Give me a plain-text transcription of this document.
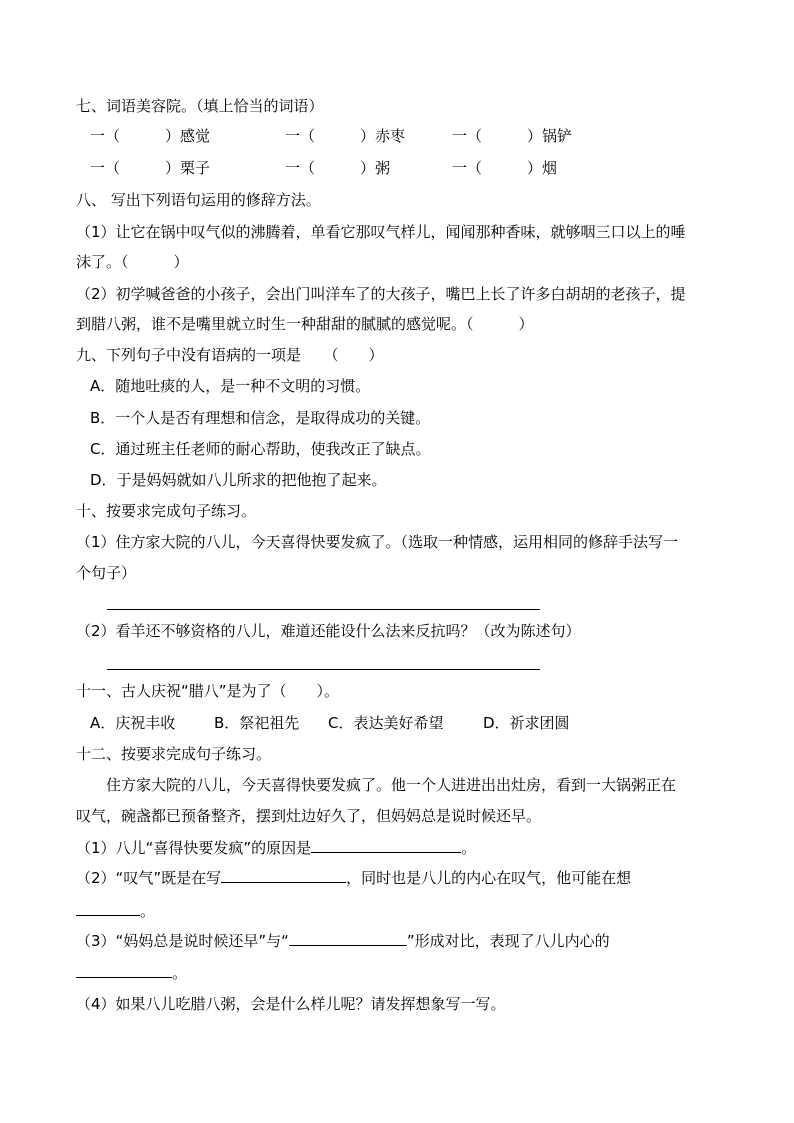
七、词语美容院。（填上恰当的词语）
一（　　　）感觉	一（　　　）赤枣	一（　　　）锅铲
一（　　　）栗子	一（　　　）粥	一（　　　）烟
八、 写出下列语句运用的修辞方法。
（1）让它在锅中叹气似的沸腾着，单看它那叹气样儿，闻闻那种香味，就够咽三口以上的唾
沫了。（　　　）
（2）初学喊爸爸的小孩子，会出门叫洋车了的大孩子，嘴巴上长了许多白胡胡的老孩子，提
到腊八粥，谁不是嘴里就立时生一种甜甜的腻腻的感觉呢。（　　　）
九、下列句子中没有语病的一项是　　（　　）
A．随地吐痰的人，是一种不文明的习惯。
B．一个人是否有理想和信念，是取得成功的关键。
C．通过班主任老师的耐心帮助，使我改正了缺点。
D．于是妈妈就如八儿所求的把他抱了起来。
十、按要求完成句子练习。
（1）住方家大院的八儿，今天喜得快要发疯了。（选取一种情感，运用相同的修辞手法写一
个句子）
（2）看羊还不够资格的八儿，难道还能设什么法来反抗吗？（改为陈述句）
十一、古人庆祝“腊八”是为了（　　）。
A．庆祝丰收	B．祭祀祖先 C．表达美好希望	D．祈求团圆
十二、按要求完成句子练习。
住方家大院的八儿，今天喜得快要发疯了。他一个人进进出出灶房，看到一大锅粥正在
叹气，碗盏都已预备整齐，摆到灶边好久了，但妈妈总是说时候还早。
（1）八儿“喜得快要发疯”的原因是	。
（2）“叹气”既是在写	，同时也是八儿的内心在叹气，他可能在想
。
（3）“妈妈总是说时候还早”与“	”形成对比，表现了八儿内心的
。
（4）如果八儿吃腊八粥，会是什么样儿呢？请发挥想象写一写。
